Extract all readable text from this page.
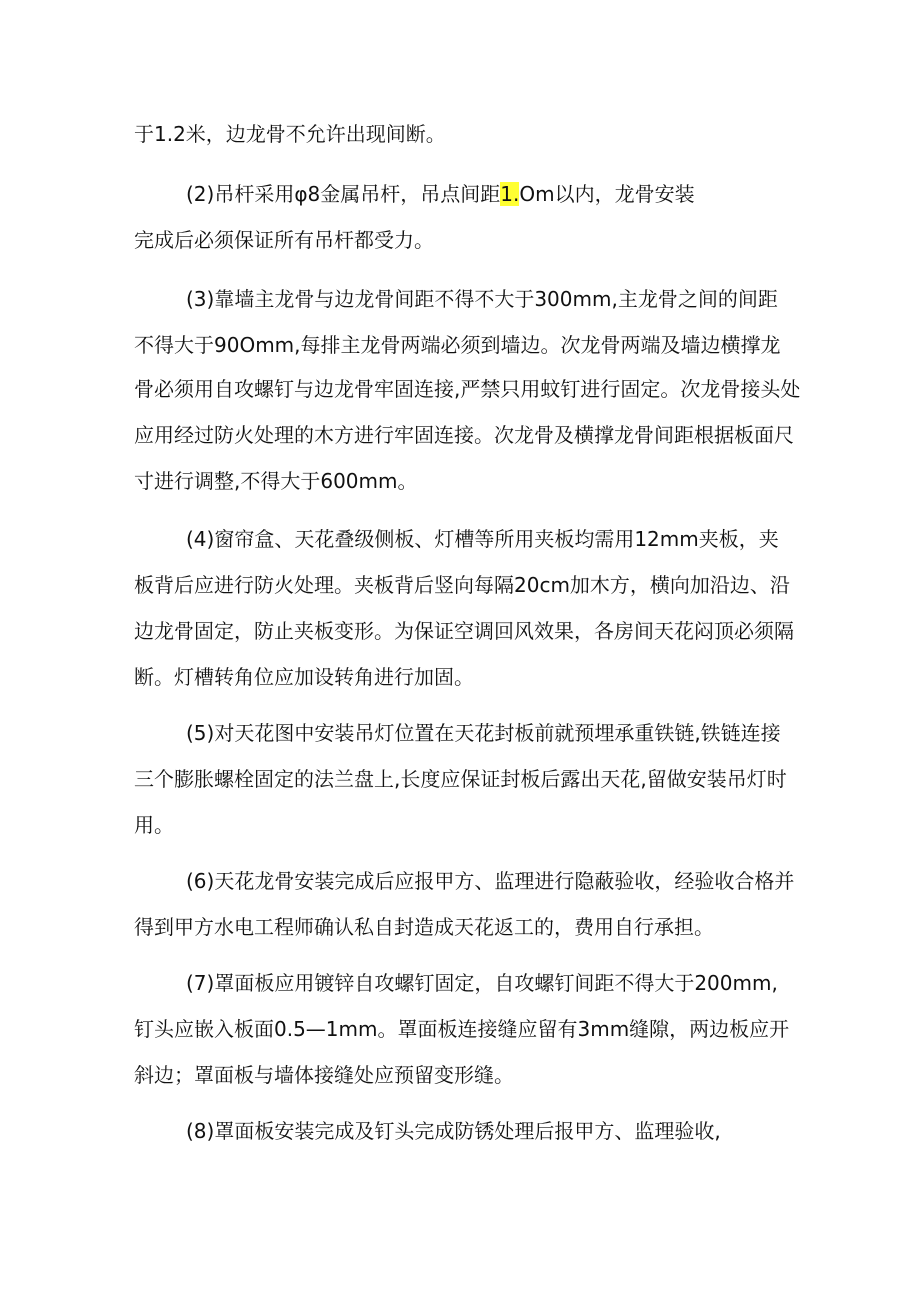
于1.2米，边龙骨不允许出现间断。
(2)吊杆采用φ8金属吊杆，吊点间距1.Om以内，龙骨安装
完成后必须保证所有吊杆都受力。
(3)靠墙主龙骨与边龙骨间距不得不大于300mm,主龙骨之间的间距
不得大于90Omm,每排主龙骨两端必须到墙边。次龙骨两端及墙边横撑龙
骨必须用自攻螺钉与边龙骨牢固连接,严禁只用蚊钉进行固定。次龙骨接头处
应用经过防火处理的木方进行牢固连接。次龙骨及横撑龙骨间距根据板面尺
寸进行调整,不得大于600mm。
(4)窗帘盒、天花叠级侧板、灯槽等所用夹板均需用12mm夹板，夹
板背后应进行防火处理。夹板背后竖向每隔20cm加木方，横向加沿边、沿
边龙骨固定，防止夹板变形。为保证空调回风效果，各房间天花闷顶必须隔
断。灯槽转角位应加设转角进行加固。
(5)对天花图中安装吊灯位置在天花封板前就预埋承重铁链,铁链连接
三个膨胀螺栓固定的法兰盘上,长度应保证封板后露出天花,留做安装吊灯时
用。
(6)天花龙骨安装完成后应报甲方、监理进行隐蔽验收，经验收合格并
得到甲方水电工程师确认私自封造成天花返工的，费用自行承担。
(7)罩面板应用镀锌自攻螺钉固定，自攻螺钉间距不得大于200mm,
钉头应嵌入板面0.5—1mm。罩面板连接缝应留有3mm缝隙，两边板应开
斜边；罩面板与墙体接缝处应预留变形缝。
(8)罩面板安装完成及钉头完成防锈处理后报甲方、监理验收,
